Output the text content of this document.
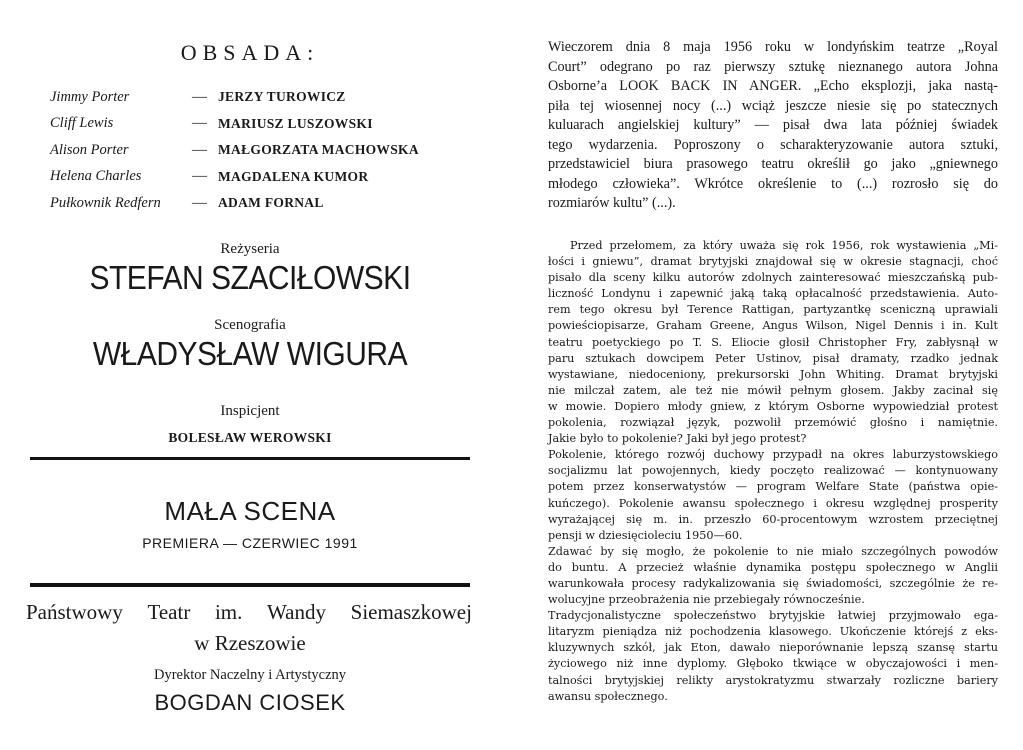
OBSADA:
Jimmy Porter	— JERZY TUROWICZ
Cliff Lewis	— MARIUSZ LUSZOWSKI
Alison Porter	— MAŁGORZATA MACHOWSKA
Helena Charles	— MAGDALENA KUMOR
Pułkownik Redfern	— ADAM FORNAL
Reżyseria
STEFAN SZACIŁOWSKI
Scenografia
WŁADYSŁAW WIGURA
Inspicjent
BOLESŁAW WEROWSKI
MAŁA SCENA
PREMIERA — CZERWIEC 1991
Państwowy Teatr im. Wandy Siemaszkowej
w Rzeszowie
Dyrektor Naczelny i Artystyczny
BOGDAN CIOSEK
Wieczorem dnia 8 maja 1956 roku w londyńskim teatrze „Royal
Court” odegrano po raz pierwszy sztukę nieznanego autora Johna
Osborne’a LOOK BACK IN ANGER. „Echo eksplozji, jaka nastą-
piła tej wiosennej nocy (...) wciąż jeszcze niesie się po statecznych
kuluarach angielskiej kultury” — pisał dwa lata później świadek
tego wydarzenia. Poproszony o scharakteryzowanie autora sztuki,
przedstawiciel biura prasowego teatru określił go jako „gniewnego
młodego człowieka”. Wkrótce określenie to (...) rozrosło się do
rozmiarów kultu” (...).
Przed przełomem, za który uważa się rok 1956, rok wystawienia „Mi-
łości i gniewu”, dramat brytyjski znajdował się w okresie stagnacji, choć
pisało dla sceny kilku autorów zdolnych zainteresować mieszczańską pub-
liczność Londynu i zapewnić jaką taką opłacalność przedstawienia. Auto-
rem tego okresu był Terence Rattigan, partyzantkę sceniczną uprawiali
powieściopisarze, Graham Greene, Angus Wilson, Nigel Dennis i in. Kult
teatru poetyckiego po T. S. Eliocie głosił Christopher Fry, zabłysnął w
paru sztukach dowcipem Peter Ustinov, pisał dramaty, rzadko jednak
wystawiane, niedoceniony, prekursorski John Whiting. Dramat brytyjski
nie milczał zatem, ale też nie mówił pełnym głosem. Jakby zacinał się
w mowie. Dopiero młody gniew, z którym Osborne wypowiedział protest
pokolenia, rozwiązał język, pozwolił przemówić głośno i namiętnie.
Jakie było to pokolenie? Jaki był jego protest?
Pokolenie, którego rozwój duchowy przypadł na okres laburzystowskiego
socjalizmu lat powojennych, kiedy poczęto realizować — kontynuowany
potem przez konserwatystów — program Welfare State (państwa opie-
kuńczego). Pokolenie awansu społecznego i okresu względnej prosperity
wyrażającej się m. in. przeszło 60-procentowym wzrostem przeciętnej
pensji w dziesięcioleciu 1950—60.
Zdawać by się mogło, że pokolenie to nie miało szczególnych powodów
do buntu. A przecież właśnie dynamika postępu społecznego w Anglii
warunkowała procesy radykalizowania się świadomości, szczególnie że re-
wolucyjne przeobrażenia nie przebiegały równocześnie.
Tradycjonalistyczne społeczeństwo brytyjskie łatwiej przyjmowało ega-
litaryzm pieniądza niż pochodzenia klasowego. Ukończenie którejś z eks-
kluzywnych szkół, jak Eton, dawało nieporównanie lepszą szansę startu
życiowego niż inne dyplomy. Głęboko tkwiące w obyczajowości i men-
talności brytyjskiej relikty arystokratyzmu stwarzały rozliczne bariery
awansu społecznego.
